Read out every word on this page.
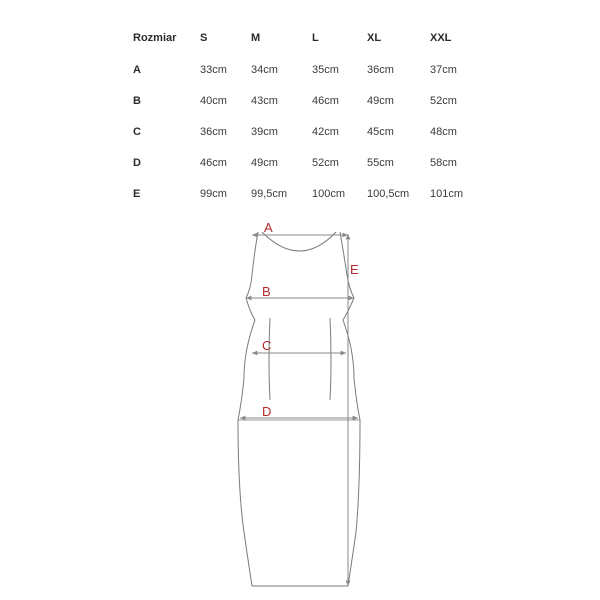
Rozmiar S	M	L	XL	XXL
A	33cm 34cm	35cm	36cm	37cm
B	40cm 43cm	46cm	49cm	52cm
C	36cm 39cm	42cm	45cm	48cm
D	46cm 49cm	52cm	55cm	58cm
E	99cm 99,5cm 100cm 100,5cm 101cm
A
B
C
D
E
